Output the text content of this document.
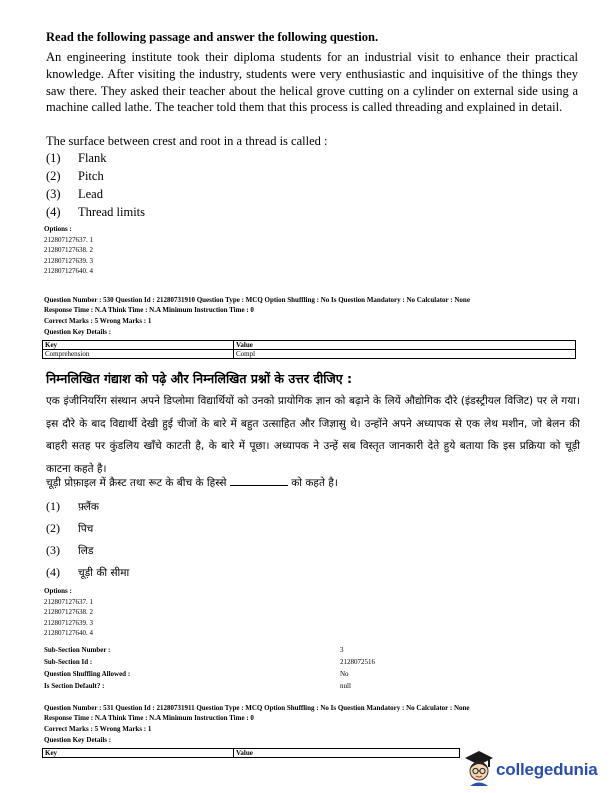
Read the following passage and answer the following question.
An engineering institute took their diploma students for an industrial visit to enhance their practical knowledge. After visiting the industry, students were very enthusiastic and inquisitive of the things they saw there. They asked their teacher about the helical grove cutting on a cylinder on external side using a machine called lathe. The teacher told them that this process is called threading and explained in detail.
The surface between crest and root in a thread is called :
(1) Flank
(2) Pitch
(3) Lead
(4) Thread limits
Options :
212807127637. 1
212807127638. 2
212807127639. 3
212807127640. 4
Question Number : 530 Question Id : 21280731910 Question Type : MCQ Option Shuffling : No Is Question Mandatory : No Calculator : None
Response Time : N.A Think Time : N.A Minimum Instruction Time : 0
Correct Marks : 5 Wrong Marks : 1
Question Key Details :
Key	Value
Comprehension	Compl
निम्नलिखित गंद्याश को पढ़े और निम्नलिखित प्रश्नों के उत्तर दीजिए :
एक इंजीनियरिंग संस्थान अपने डिप्लोमा विद्यार्थियों को उनको प्रायोगिक ज्ञान को बढ़ाने के लियें औद्योगिक दौरे (इंडस्ट्रीयल विजिट) पर ले गया। इस दौरे के बाद विद्यार्थी देखी हुई चीजों के बारे में बहुत उत्साहित और जिज्ञासु थे। उन्होंने अपने अध्यापक से एक लेथ मशीन, जो बेलन की बाहरी सतह पर कुंडलिय खाँचे काटती है, के बारे में पूछा। अध्यापक ने उन्हें सब विस्तृत जानकारी देते हुये बताया कि इस प्रक्रिया को चूड़ी काटना कहते है।
चूड़ी प्रोफ़ाइल में क्रैस्ट तथा रूट के बीच के हिस्से	को कहते है।
(1) फ़्लैंक
(2) पिच
(3) लिड
(4) चूड़ी की सीमा
Options :
212807127637. 1
212807127638. 2
212807127639. 3
212807127640. 4
Sub-Section Number :	3
Sub-Section Id :	2128072516
Question Shuffling Allowed :	No
Is Section Default? :	null
Question Number : 531 Question Id : 21280731911 Question Type : MCQ Option Shuffling : No Is Question Mandatory : No Calculator : None
Response Time : N.A Think Time : N.A Minimum Instruction Time : 0
Correct Marks : 5 Wrong Marks : 1
Question Key Details :
Key	Value
collegedunia
